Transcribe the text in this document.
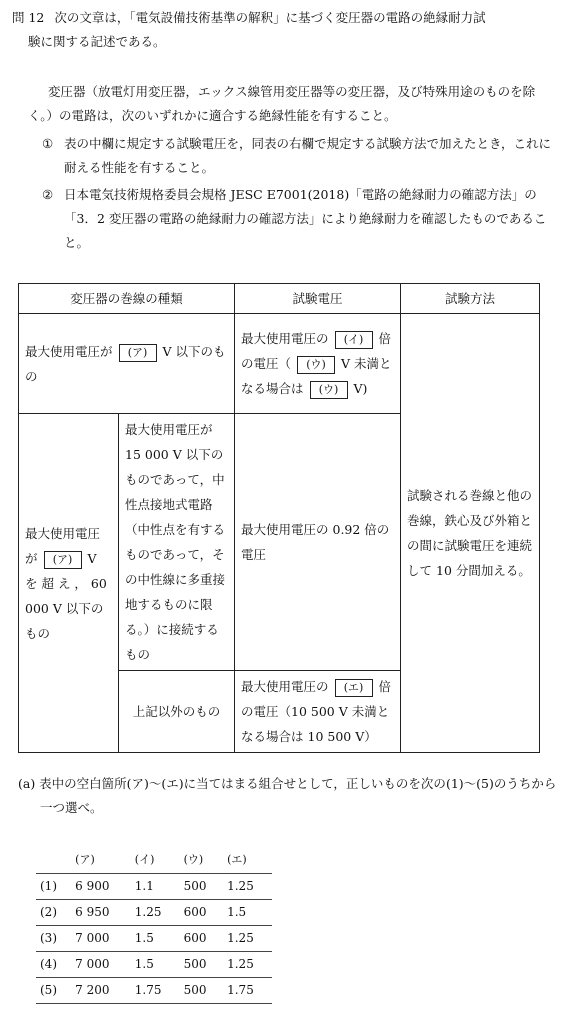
問 12 次の文章は，「電気設備技術基準の解釈」に基づく変圧器の電路の絶縁耐力試
験に関する記述である。

変圧器（放電灯用変圧器，エックス線管用変圧器等の変圧器，及び特殊用途のものを除く。）の電路は，次のいずれかに適合する絶縁性能を有すること。

① 表の中欄に規定する試験電圧を，同表の右欄で規定する試験方法で加えたとき，これに耐える性能を有すること。
② 日本電気技術規格委員会規格 JESC E7001(2018)「電路の絶縁耐力の確認方法」の「3．2 変圧器の電路の絶縁耐力の確認方法」により絶縁耐力を確認したものであること。
変圧器の巻線の種類		試験電圧	試験方法
最大使用電圧が (ア) V 以下のもの		最大使用電圧の (イ) 倍の電圧（ (ウ) V 未満となる場合は (ウ) V)	試験される巻線と他の巻線，鉄心及び外箱との間に試験電圧を連続して 10 分間加える。
最大使用電圧が (ア) V を 超 え ， 60 000 V 以下のもの	最大使用電圧が 15 000 V 以下のものであって，中性点接地式電路（中性点を有するものであって，その中性線に多重接地するものに限る。）に接続するもの	最大使用電圧の 0.92 倍の電圧	
	上記以外のもの	最大使用電圧の (エ) 倍の電圧（10 500 V 未満となる場合は 10 500 V）	

(a) 表中の空白箇所(ア)〜(エ)に当てはまる組合せとして，正しいものを次の(1)〜(5)のうちから一つ選べ。

	(ア)	(イ)	(ウ)	(エ)
(1)	6 900	1.1	500	1.25
(2)	6 950	1.25	600	1.5
(3)	7 000	1.5	600	1.25
(4)	7 000	1.5	500	1.25
(5)	7 200	1.75	500	1.75
